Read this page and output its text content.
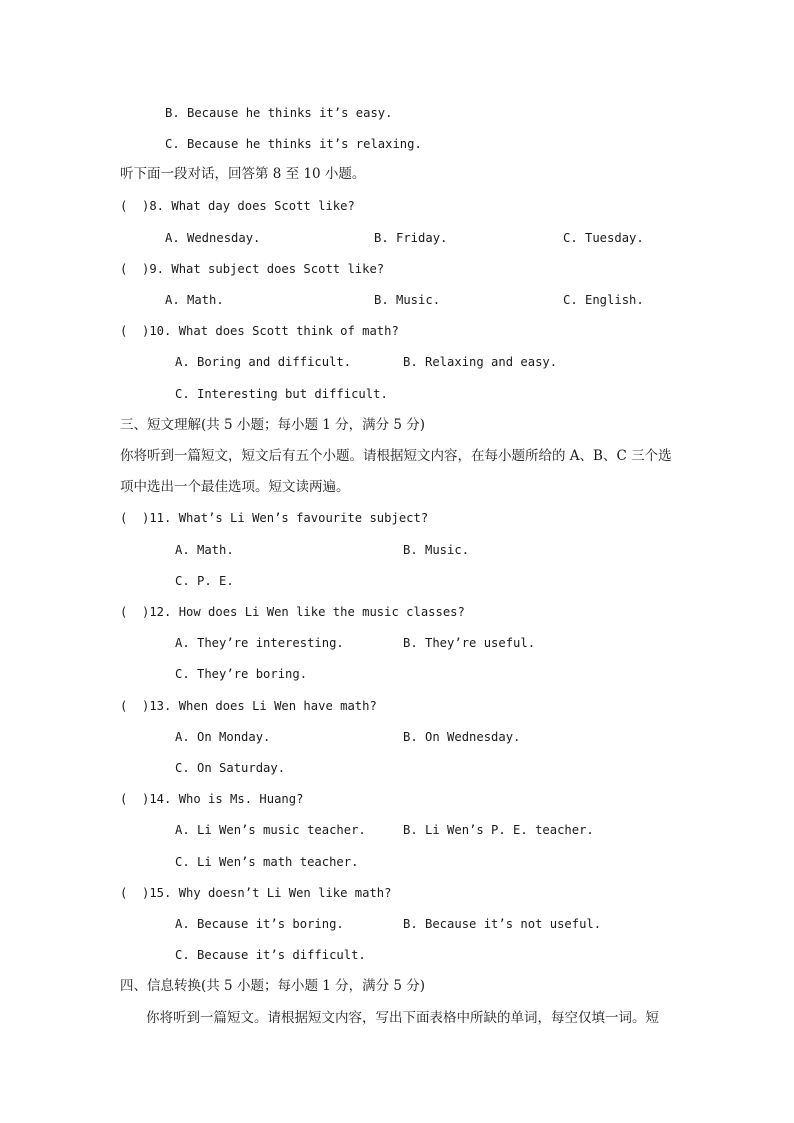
B. Because he thinks it’s easy.
C. Because he thinks it’s relaxing.
听下面一段对话，回答第 8 至 10 小题。
(  )8. What day does Scott like?
A. Wednesday.	B. Friday.	C. Tuesday.
(  )9. What subject does Scott like?
A. Math.	B. Music.	C. English.
(  )10. What does Scott think of math?
A. Boring and difficult.	B. Relaxing and easy.
C. Interesting but difficult.
三、短文理解(共 5 小题；每小题 1 分，满分 5 分)
你将听到一篇短文，短文后有五个小题。请根据短文内容，在每小题所给的 A、B、C 三个选
项中选出一个最佳选项。短文读两遍。
(  )11. What’s Li Wen’s favourite subject?
A. Math.	B. Music.
C. P. E.
(  )12. How does Li Wen like the music classes?
A. They’re interesting.	B. They’re useful.
C. They’re boring.
(  )13. When does Li Wen have math?
A. On Monday.	B. On Wednesday.
C. On Saturday.
(  )14. Who is Ms. Huang?
A. Li Wen’s music teacher.	B. Li Wen’s P. E. teacher.
C. Li Wen’s math teacher.
(  )15. Why doesn’t Li Wen like math?
A. Because it’s boring.	B. Because it’s not useful.
C. Because it’s difficult.
四、信息转换(共 5 小题；每小题 1 分，满分 5 分)
你将听到一篇短文。请根据短文内容，写出下面表格中所缺的单词，每空仅填一词。短
